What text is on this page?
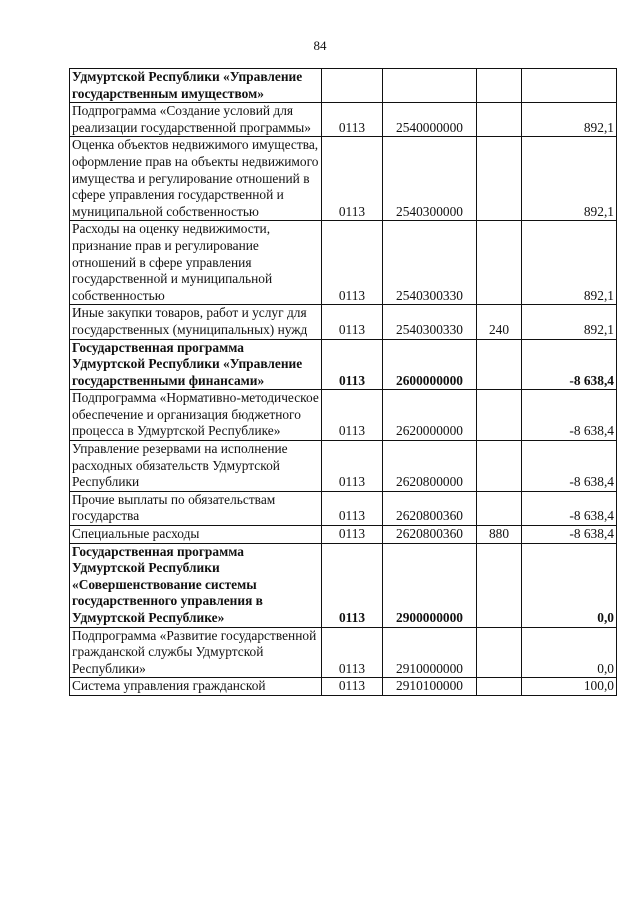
84
Удмуртской Республики «Управление государственным имуществом»				
Подпрограмма «Создание условий для реализации государственной программы»	0113	2540000000		892,1
Оценка объектов недвижимого имущества, оформление прав на объекты недвижимого имущества и регулирование отношений в сфере управления государственной и муниципальной собственностью	0113	2540300000		892,1
Расходы на оценку недвижимости, признание прав и регулирование отношений в сфере управления государственной и муниципальной собственностью	0113	2540300330		892,1
Иные закупки товаров, работ и услуг для государственных (муниципальных) нужд	0113	2540300330	240	892,1
Государственная программа Удмуртской Республики «Управление государственными финансами»	0113	2600000000		-8 638,4
Подпрограмма «Нормативно-методическое обеспечение и организация бюджетного процесса в Удмуртской Республике»	0113	2620000000		-8 638,4
Управление резервами на исполнение расходных обязательств Удмуртской Республики	0113	2620800000		-8 638,4
Прочие выплаты по обязательствам государства	0113	2620800360		-8 638,4
Специальные расходы	0113	2620800360	880	-8 638,4
Государственная программа Удмуртской Республики «Совершенствование системы государственного управления в Удмуртской Республике»	0113	2900000000		0,0
Подпрограмма «Развитие государственной гражданской службы Удмуртской Республики»	0113	2910000000		0,0
Система управления гражданской	0113	2910100000		100,0
